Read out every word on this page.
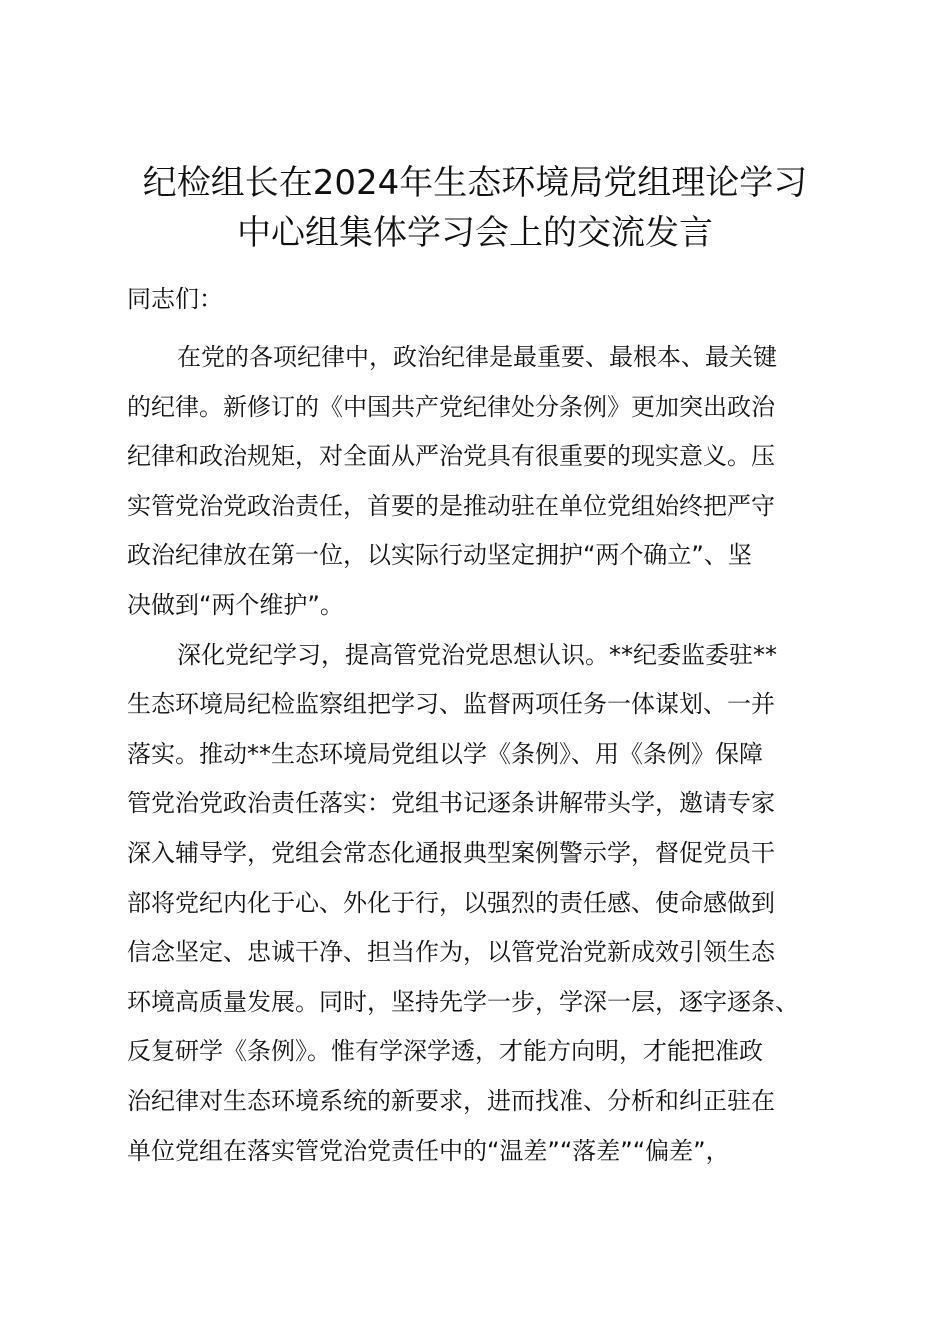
纪检组长在2024年生态环境局党组理论学习
中心组集体学习会上的交流发言
同志们：
在党的各项纪律中，政治纪律是最重要、最根本、最关键
的纪律。新修订的《中国共产党纪律处分条例》更加突出政治
纪律和政治规矩，对全面从严治党具有很重要的现实意义。压
实管党治党政治责任，首要的是推动驻在单位党组始终把严守
政治纪律放在第一位，以实际行动坚定拥护“两个确立”、坚
决做到“两个维护”。
深化党纪学习，提高管党治党思想认识。**纪委监委驻**
生态环境局纪检监察组把学习、监督两项任务一体谋划、一并
落实。推动**生态环境局党组以学《条例》、用《条例》保障
管党治党政治责任落实：党组书记逐条讲解带头学，邀请专家
深入辅导学，党组会常态化通报典型案例警示学，督促党员干
部将党纪内化于心、外化于行，以强烈的责任感、使命感做到
信念坚定、忠诚干净、担当作为，以管党治党新成效引领生态
环境高质量发展。同时，坚持先学一步，学深一层，逐字逐条、
反复研学《条例》。惟有学深学透，才能方向明，才能把准政
治纪律对生态环境系统的新要求，进而找准、分析和纠正驻在
单位党组在落实管党治党责任中的“温差”“落差”“偏差”，
